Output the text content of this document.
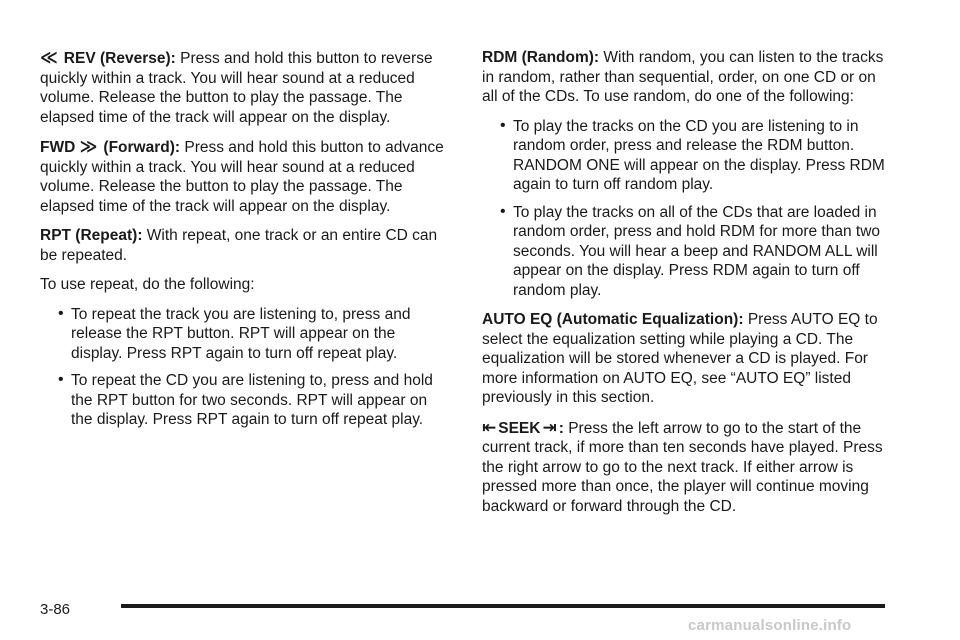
≪ REV (Reverse): Press and hold this button to reverse quickly within a track. You will hear sound at a reduced volume. Release the button to play the passage. The elapsed time of the track will appear on the display.

FWD ≫ (Forward): Press and hold this button to advance quickly within a track. You will hear sound at a reduced volume. Release the button to play the passage. The elapsed time of the track will appear on the display.

RPT (Repeat): With repeat, one track or an entire CD can be repeated.

To use repeat, do the following:

• To repeat the track you are listening to, press and release the RPT button. RPT will appear on the display. Press RPT again to turn off repeat play.
• To repeat the CD you are listening to, press and hold the RPT button for two seconds. RPT will appear on the display. Press RPT again to turn off repeat play.

RDM (Random): With random, you can listen to the tracks in random, rather than sequential, order, on one CD or on all of the CDs. To use random, do one of the following:

• To play the tracks on the CD you are listening to in random order, press and release the RDM button. RANDOM ONE will appear on the display. Press RDM again to turn off random play.
• To play the tracks on all of the CDs that are loaded in random order, press and hold RDM for more than two seconds. You will hear a beep and RANDOM ALL will appear on the display. Press RDM again to turn off random play.

AUTO EQ (Automatic Equalization): Press AUTO EQ to select the equalization setting while playing a CD. The equalization will be stored whenever a CD is played. For more information on AUTO EQ, see “AUTO EQ” listed previously in this section.

⇤ SEEK ⇥ : Press the left arrow to go to the start of the current track, if more than ten seconds have played. Press the right arrow to go to the next track. If either arrow is pressed more than once, the player will continue moving backward or forward through the CD.

3-86
carmanualsonline.info
